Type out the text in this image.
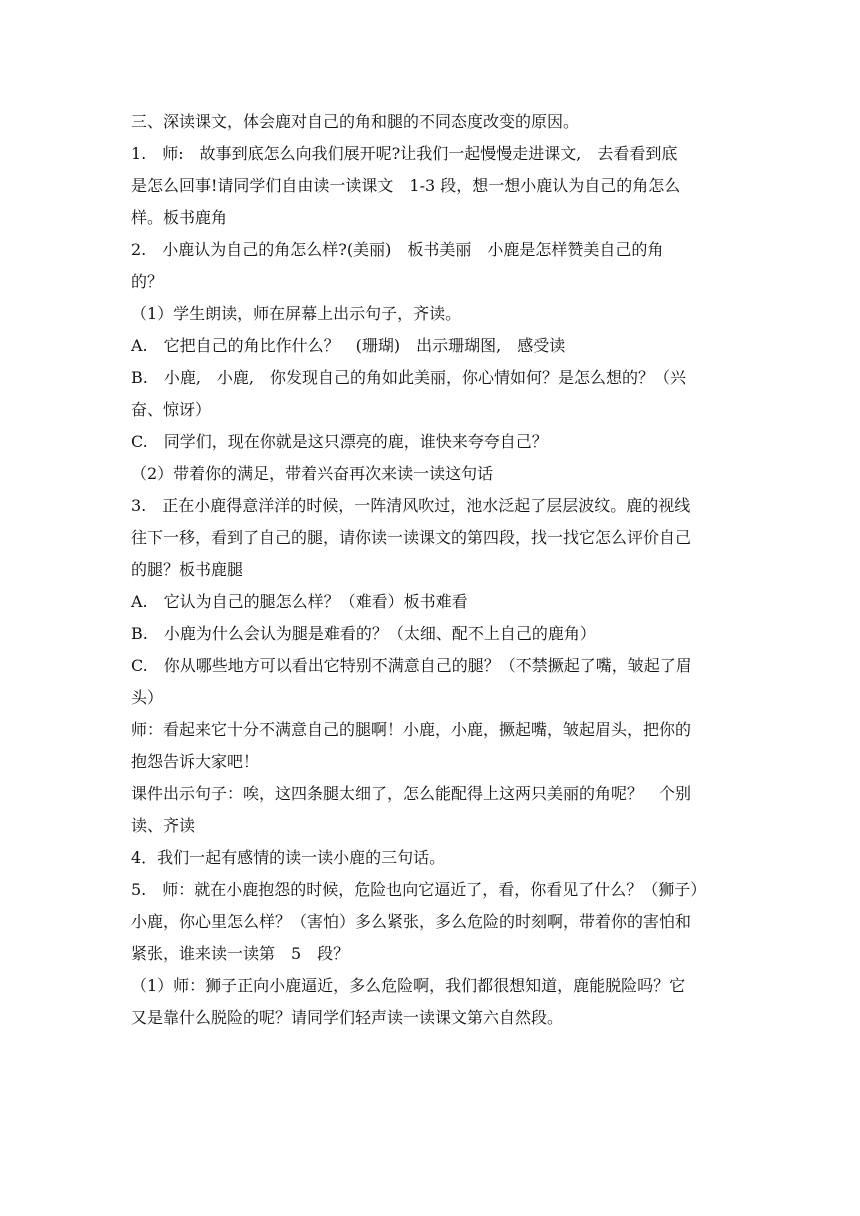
三、深读课文，体会鹿对自己的角和腿的不同态度改变的原因。

1.　师:　故事到底怎么向我们展开呢?让我们一起慢慢走进课文,　去看看到底

是怎么回事!请同学们自由读一读课文　1-3 段，想一想小鹿认为自己的角怎么

样。板书鹿角

2.　小鹿认为自己的角怎么样?(美丽)　板书美丽　小鹿是怎样赞美自己的角

的？

（1）学生朗读，师在屏幕上出示句子，齐读。

A.　它把自己的角比作什么？　(珊瑚)　出示珊瑚图,　感受读

B.　小鹿,　小鹿,　你发现自己的角如此美丽，你心情如何？是怎么想的？（兴

奋、惊讶）

C.　同学们，现在你就是这只漂亮的鹿，谁快来夸夸自己？

（2）带着你的满足，带着兴奋再次来读一读这句话

3.　正在小鹿得意洋洋的时候，一阵清风吹过，池水泛起了层层波纹。鹿的视线

往下一移，看到了自己的腿，请你读一读课文的第四段，找一找它怎么评价自己

的腿？板书鹿腿

A.　它认为自己的腿怎么样？（难看）板书难看

B.　小鹿为什么会认为腿是难看的？（太细、配不上自己的鹿角）

C.　你从哪些地方可以看出它特别不满意自己的腿？（不禁撅起了嘴，皱起了眉

头）

师：看起来它十分不满意自己的腿啊！小鹿，小鹿，撅起嘴，皱起眉头，把你的

抱怨告诉大家吧！

课件出示句子：唉，这四条腿太细了，怎么能配得上这两只美丽的角呢？　个别

读、齐读

4．我们一起有感情的读一读小鹿的三句话。

5.　师：就在小鹿抱怨的时候，危险也向它逼近了，看，你看见了什么？（狮子）

小鹿，你心里怎么样？（害怕）多么紧张，多么危险的时刻啊，带着你的害怕和

紧张，谁来读一读第　5　段？

（1）师：狮子正向小鹿逼近，多么危险啊，我们都很想知道，鹿能脱险吗？它

又是靠什么脱险的呢？请同学们轻声读一读课文第六自然段。
